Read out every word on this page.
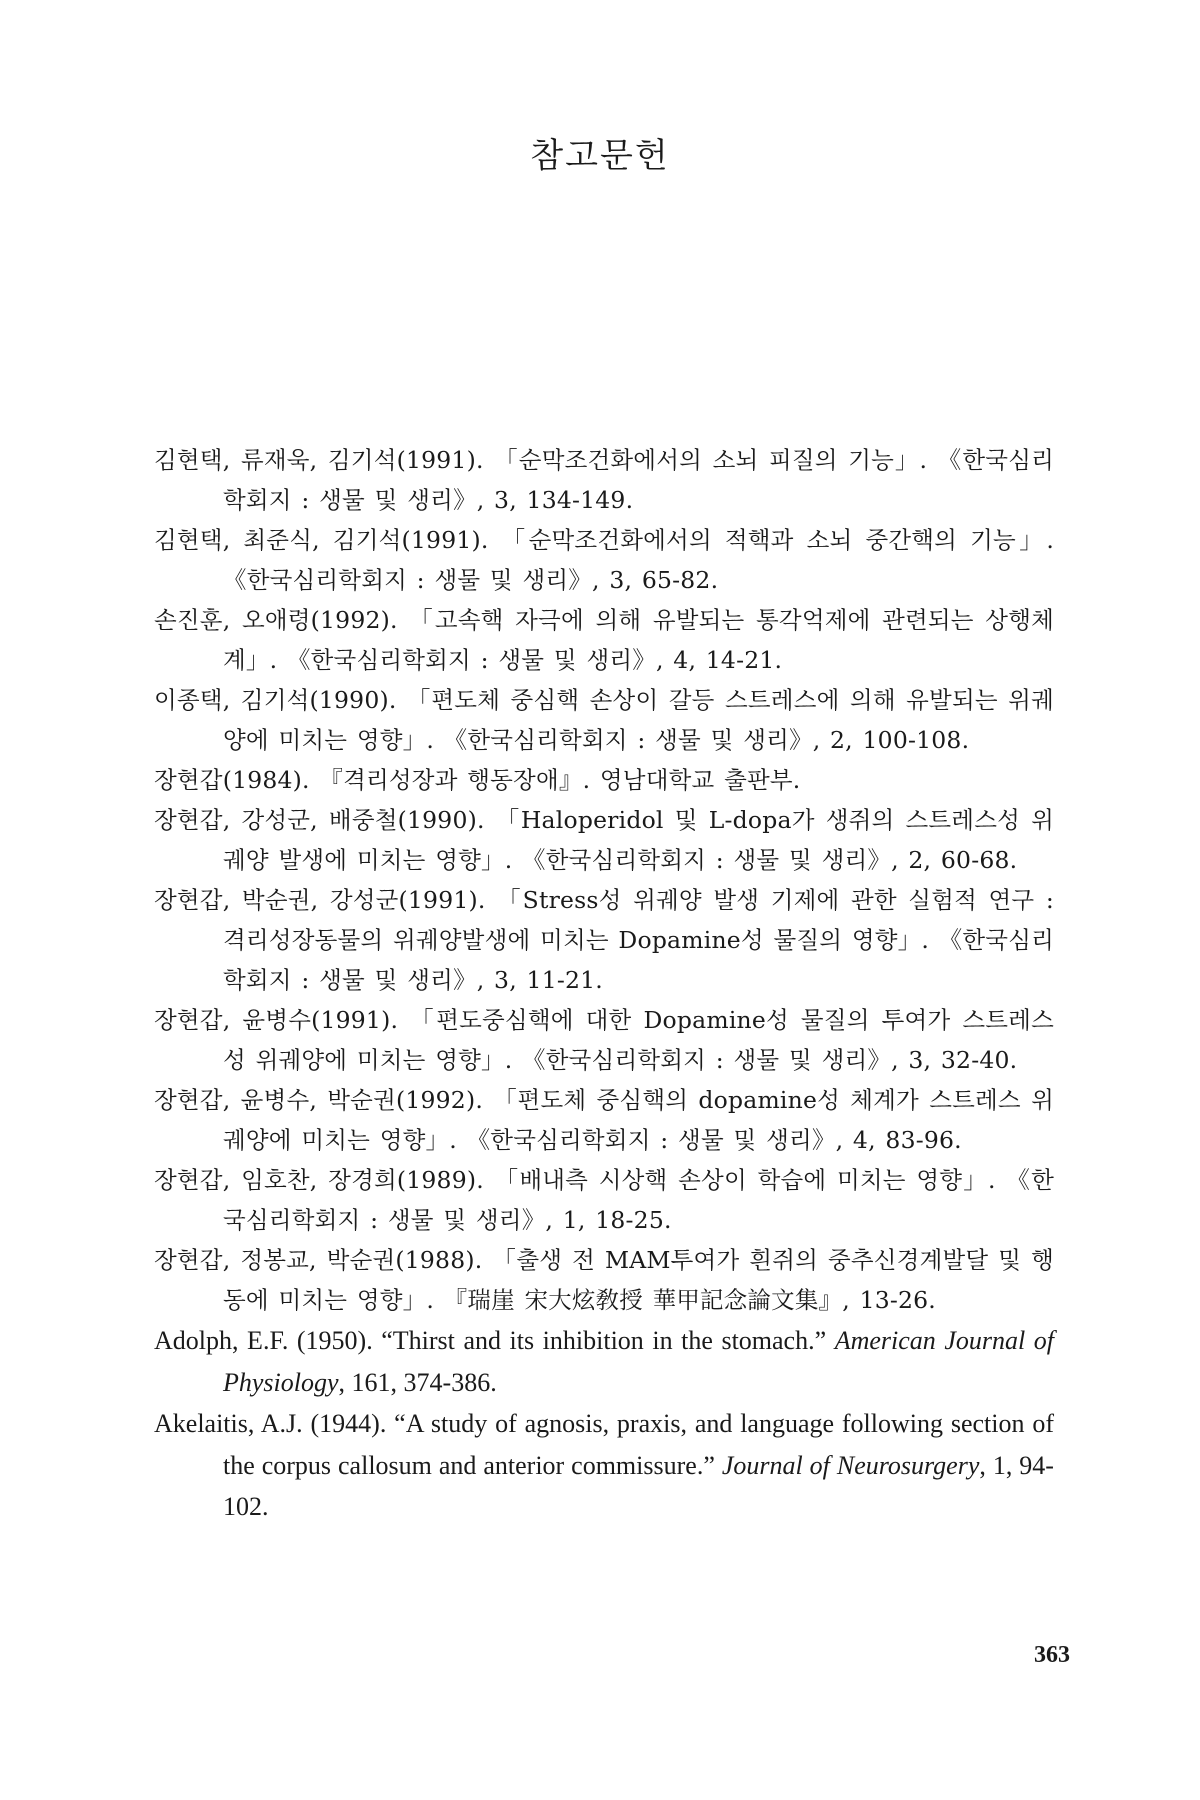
참고문헌
김현택, 류재욱, 김기석(1991). 「순막조건화에서의 소뇌 피질의 기능」. 《한국심리학회지 : 생물 및 생리》, 3, 134-149.
김현택, 최준식, 김기석(1991). 「순막조건화에서의 적핵과 소뇌 중간핵의 기능」. 《한국심리학회지 : 생물 및 생리》, 3, 65-82.
손진훈, 오애령(1992). 「고속핵 자극에 의해 유발되는 통각억제에 관련되는 상행체계」. 《한국심리학회지 : 생물 및 생리》, 4, 14-21.
이종택, 김기석(1990). 「편도체 중심핵 손상이 갈등 스트레스에 의해 유발되는 위궤양에 미치는 영향」. 《한국심리학회지 : 생물 및 생리》, 2, 100-108.
장현갑(1984). 『격리성장과 행동장애』. 영남대학교 출판부.
장현갑, 강성군, 배중철(1990). 「Haloperidol 및 L-dopa가 생쥐의 스트레스성 위궤양 발생에 미치는 영향」. 《한국심리학회지 : 생물 및 생리》, 2, 60-68.
장현갑, 박순권, 강성군(1991). 「Stress성 위궤양 발생 기제에 관한 실험적 연구 : 격리성장동물의 위궤양발생에 미치는 Dopamine성 물질의 영향」. 《한국심리학회지 : 생물 및 생리》, 3, 11-21.
장현갑, 윤병수(1991). 「편도중심핵에 대한 Dopamine성 물질의 투여가 스트레스성 위궤양에 미치는 영향」. 《한국심리학회지 : 생물 및 생리》, 3, 32-40.
장현갑, 윤병수, 박순권(1992). 「편도체 중심핵의 dopamine성 체계가 스트레스 위궤양에 미치는 영향」. 《한국심리학회지 : 생물 및 생리》, 4, 83-96.
장현갑, 임호찬, 장경희(1989). 「배내측 시상핵 손상이 학습에 미치는 영향」. 《한국심리학회지 : 생물 및 생리》, 1, 18-25.
장현갑, 정봉교, 박순권(1988). 「출생 전 MAM투여가 흰쥐의 중추신경계발달 및 행동에 미치는 영향」. 『瑞崖 宋大炫敎授 華甲記念論文集』, 13-26.
Adolph, E.F. (1950). “Thirst and its inhibition in the stomach.” American Journal of Physiology, 161, 374-386.
Akelaitis, A.J. (1944). “A study of agnosis, praxis, and language following section of the corpus callosum and anterior commissure.” Journal of Neurosurgery, 1, 94-102.
363
